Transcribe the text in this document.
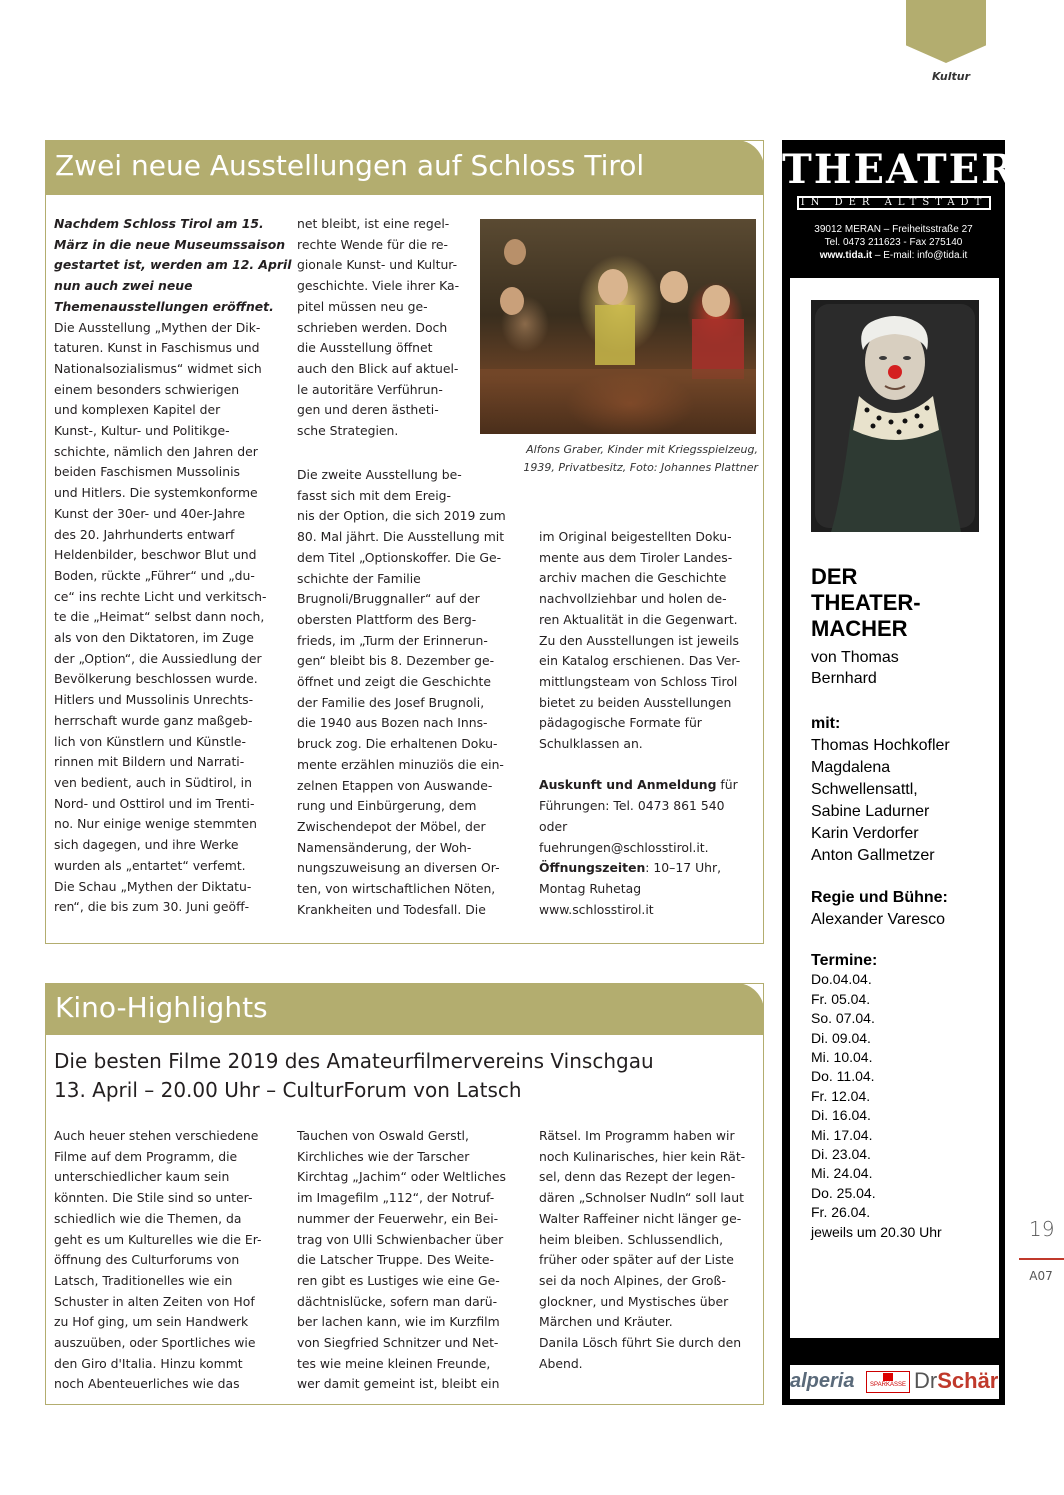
Kultur
Zwei neue Ausstellungen auf Schloss Tirol
Nachdem Schloss Tirol am 15.
März in die neue Museumssaison
gestartet ist, werden am 12. April
nun auch zwei neue
Themenausstellungen eröffnet.
Die Ausstellung „Mythen der Dik-
taturen. Kunst in Faschismus und
Nationalsozialismus“ widmet sich
einem besonders schwierigen
und komplexen Kapitel der
Kunst-, Kultur- und Politikge-
schichte, nämlich den Jahren der
beiden Faschismen Mussolinis
und Hitlers. Die systemkonforme
Kunst der 30er- und 40er-Jahre
des 20. Jahrhunderts entwarf
Heldenbilder, beschwor Blut und
Boden, rückte „Führer“ und „du-
ce“ ins rechte Licht und verkitsch-
te die „Heimat“ selbst dann noch,
als von den Diktatoren, im Zuge
der „Option“, die Aussiedlung der
Bevölkerung beschlossen wurde.
Hitlers und Mussolinis Unrechts-
herrschaft wurde ganz maßgeb-
lich von Künstlern und Künstle-
rinnen mit Bildern und Narrati-
ven bedient, auch in Südtirol, in
Nord- und Osttirol und im Trenti-
no. Nur einige wenige stemmten
sich dagegen, und ihre Werke
wurden als „entartet“ verfemt.
Die Schau „Mythen der Diktatu-
ren“, die bis zum 30. Juni geöff-
net bleibt, ist eine regel-
rechte Wende für die re-
gionale Kunst- und Kultur-
geschichte. Viele ihrer Ka-
pitel müssen neu ge-
schrieben werden. Doch
die Ausstellung öffnet
auch den Blick auf aktuel-
le autoritäre Verführun-
gen und deren ästheti-
sche Strategien.
Die zweite Ausstellung be-
fasst sich mit dem Ereig-
nis der Option, die sich 2019 zum
80. Mal jährt. Die Ausstellung mit
dem Titel „Optionskoffer. Die Ge-
schichte der Familie
Brugnoli/Bruggnaller“ auf der
obersten Plattform des Berg-
frieds, im „Turm der Erinnerun-
gen“ bleibt bis 8. Dezember ge-
öffnet und zeigt die Geschichte
der Familie des Josef Brugnoli,
die 1940 aus Bozen nach Inns-
bruck zog. Die erhaltenen Doku-
mente erzählen minuziös die ein-
zelnen Etappen von Auswande-
rung und Einbürgerung, dem
Zwischendepot der Möbel, der
Namensänderung, der Woh-
nungszuweisung an diversen Or-
ten, von wirtschaftlichen Nöten,
Krankheiten und Todesfall. Die
Alfons Graber, Kinder mit Kriegsspielzeug,
1939, Privatbesitz, Foto: Johannes Plattner
im Original beigestellten Doku-
mente aus dem Tiroler Landes-
archiv machen die Geschichte
nachvollziehbar und holen de-
ren Aktualität in die Gegenwart.
Zu den Ausstellungen ist jeweils
ein Katalog erschienen. Das Ver-
mittlungsteam von Schloss Tirol
bietet zu beiden Ausstellungen
pädagogische Formate für
Schulklassen an.
Auskunft und Anmeldung für
Führungen: Tel. 0473 861 540
oder
fuehrungen@schlosstirol.it.
Öffnungszeiten: 10–17 Uhr,
Montag Ruhetag
www.schlosstirol.it
Kino-Highlights
Die besten Filme 2019 des Amateurfilmervereins Vinschgau
13. April – 20.00 Uhr – CulturForum von Latsch
Auch heuer stehen verschiedene
Filme auf dem Programm, die
unterschiedlicher kaum sein
könnten. Die Stile sind so unter-
schiedlich wie die Themen, da
geht es um Kulturelles wie die Er-
öffnung des Culturforums von
Latsch, Traditionelles wie ein
Schuster in alten Zeiten von Hof
zu Hof ging, um sein Handwerk
auszuüben, oder Sportliches wie
den Giro d'Italia. Hinzu kommt
noch Abenteuerliches wie das
Tauchen von Oswald Gerstl,
Kirchliches wie der Tarscher
Kirchtag „Jachim“ oder Weltliches
im Imagefilm „112“, der Notruf-
nummer der Feuerwehr, ein Bei-
trag von Ulli Schwienbacher über
die Latscher Truppe. Des Weite-
ren gibt es Lustiges wie eine Ge-
dächtnislücke, sofern man darü-
ber lachen kann, wie im Kurzfilm
von Siegfried Schnitzer und Net-
tes wie meine kleinen Freunde,
wer damit gemeint ist, bleibt ein
Rätsel. Im Programm haben wir
noch Kulinarisches, hier kein Rät-
sel, denn das Rezept der legen-
dären „Schnolser Nudln“ soll laut
Walter Raffeiner nicht länger ge-
heim bleiben. Schlussendlich,
früher oder später auf der Liste
sei da noch Alpines, der Groß-
glockner, und Mystisches über
Märchen und Kräuter.
Danila Lösch führt Sie durch den
Abend.
THEATER
IN DER ALTSTADT
39012 MERAN – Freiheitsstraße 27
Tel. 0473 211623 - Fax 275140
www.tida.it – E-mail: info@tida.it
DER
THEATER-
MACHER
von Thomas
Bernhard
mit:
Thomas Hochkofler
Magdalena
Schwellensattl,
Sabine Ladurner
Karin Verdorfer
Anton Gallmetzer
Regie und Bühne:
Alexander Varesco
Termine:
Do.04.04.
Fr. 05.04.
So. 07.04.
Di. 09.04.
Mi. 10.04.
Do. 11.04.
Fr. 12.04.
Di. 16.04.
Mi. 17.04.
Di. 23.04.
Mi. 24.04.
Do. 25.04.
Fr. 26.04.
jeweils um 20.30 Uhr
alperia	SPARKASSE DrSchär
19
A07
